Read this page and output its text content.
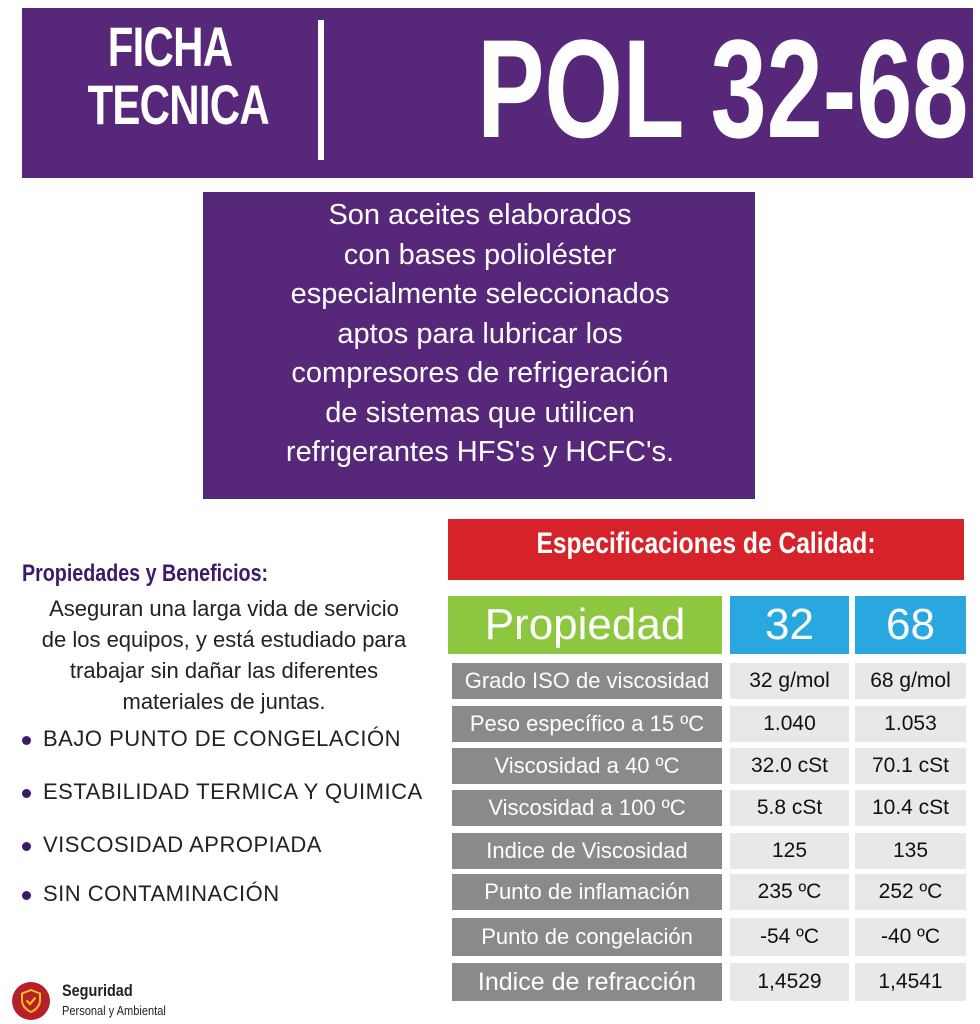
FICHA
TECNICA POL 32-68
Son aceites elaborados
con bases polioléster
especialmente seleccionados
aptos para lubricar los
compresores de refrigeración
de sistemas que utilicen
refrigerantes HFS's y HCFC's.
Propiedades y Beneficios:
Aseguran una larga vida de servicio
de los equipos, y está estudiado para
trabajar sin dañar las diferentes
materiales de juntas.
BAJO PUNTO DE CONGELACIÓN
ESTABILIDAD TERMICA Y QUIMICA
VISCOSIDAD APROPIADA
SIN CONTAMINACIÓN
Seguridad
Personal y Ambiental
Especificaciones de Calidad:
Propiedad	32	68
Grado ISO de viscosidad	32 g/mol	68 g/mol
Peso específico a 15 ºC	1.040	1.053
Viscosidad a 40 ºC	32.0 cSt	70.1 cSt
Viscosidad a 100 ºC	5.8 cSt	10.4 cSt
Indice de Viscosidad	125	135
Punto de inflamación	235 ºC	252 ºC
Punto de congelación	-54 ºC	-40 ºC
Indice de refracción	1,4529	1,4541
